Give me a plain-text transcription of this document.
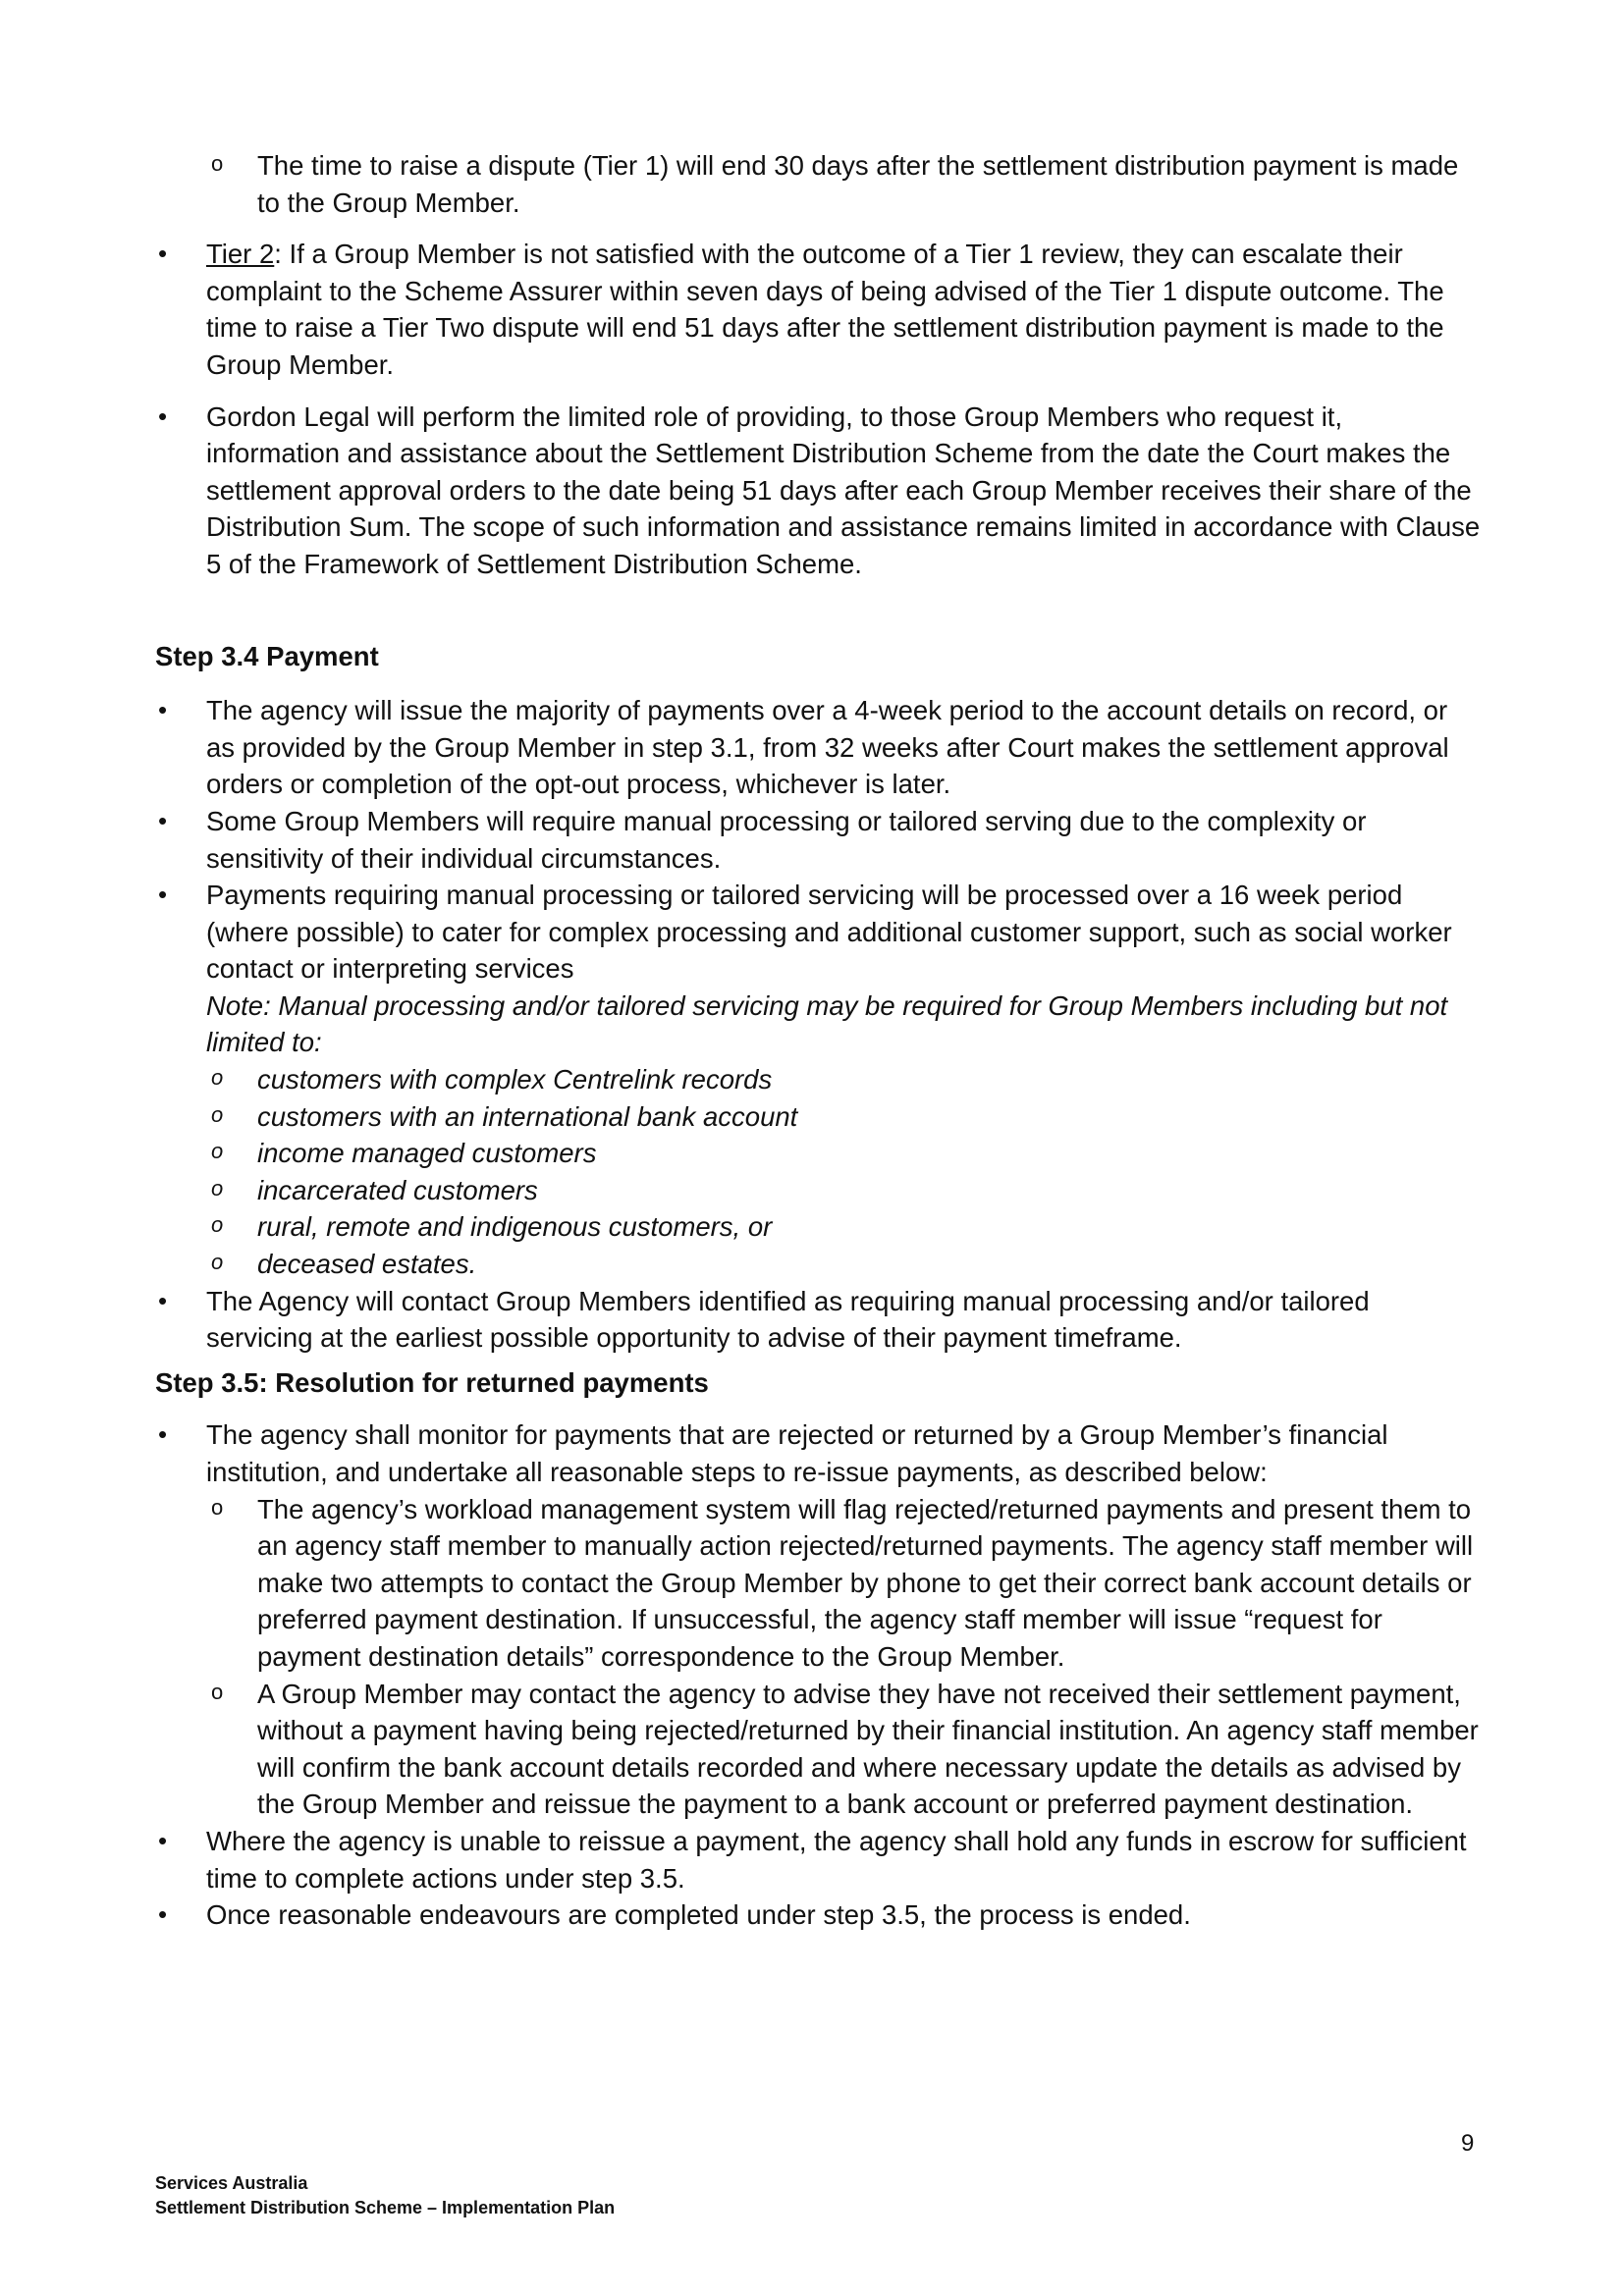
o The time to raise a dispute (Tier 1) will end 30 days after the settlement distribution payment is made to the Group Member.
• Tier 2: If a Group Member is not satisfied with the outcome of a Tier 1 review, they can escalate their complaint to the Scheme Assurer within seven days of being advised of the Tier 1 dispute outcome. The time to raise a Tier Two dispute will end 51 days after the settlement distribution payment is made to the Group Member.
• Gordon Legal will perform the limited role of providing, to those Group Members who request it, information and assistance about the Settlement Distribution Scheme from the date the Court makes the settlement approval orders to the date being 51 days after each Group Member receives their share of the Distribution Sum. The scope of such information and assistance remains limited in accordance with Clause 5 of the Framework of Settlement Distribution Scheme.
Step 3.4 Payment
• The agency will issue the majority of payments over a 4-week period to the account details on record, or as provided by the Group Member in step 3.1, from 32 weeks after Court makes the settlement approval orders or completion of the opt-out process, whichever is later.
• Some Group Members will require manual processing or tailored serving due to the complexity or sensitivity of their individual circumstances.
• Payments requiring manual processing or tailored servicing will be processed over a 16 week period (where possible) to cater for complex processing and additional customer support, such as social worker contact or interpreting services
Note: Manual processing and/or tailored servicing may be required for Group Members including but not limited to:
o customers with complex Centrelink records
o customers with an international bank account
o income managed customers
o incarcerated customers
o rural, remote and indigenous customers, or
o deceased estates.
• The Agency will contact Group Members identified as requiring manual processing and/or tailored servicing at the earliest possible opportunity to advise of their payment timeframe.
Step 3.5: Resolution for returned payments
• The agency shall monitor for payments that are rejected or returned by a Group Member’s financial institution, and undertake all reasonable steps to re-issue payments, as described below:
o The agency’s workload management system will flag rejected/returned payments and present them to an agency staff member to manually action rejected/returned payments. The agency staff member will make two attempts to contact the Group Member by phone to get their correct bank account details or preferred payment destination. If unsuccessful, the agency staff member will issue “request for payment destination details” correspondence to the Group Member.
o A Group Member may contact the agency to advise they have not received their settlement payment, without a payment having being rejected/returned by their financial institution. An agency staff member will confirm the bank account details recorded and where necessary update the details as advised by the Group Member and reissue the payment to a bank account or preferred payment destination.
• Where the agency is unable to reissue a payment, the agency shall hold any funds in escrow for sufficient time to complete actions under step 3.5.
• Once reasonable endeavours are completed under step 3.5, the process is ended.
9
Services Australia
Settlement Distribution Scheme – Implementation Plan
